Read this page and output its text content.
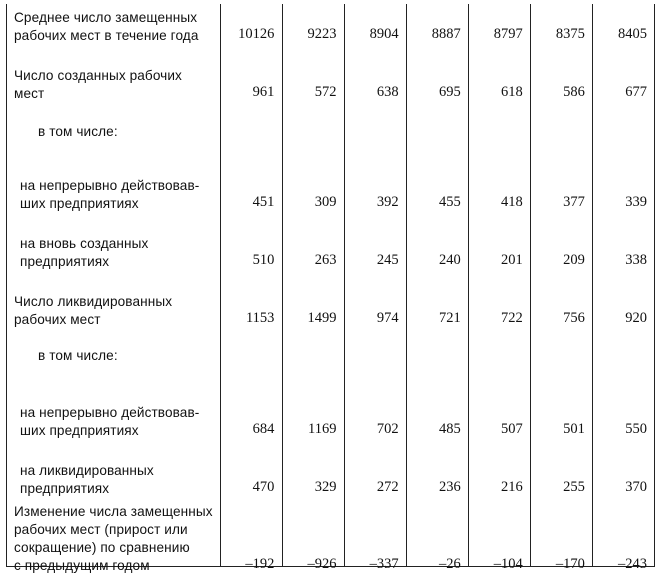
Среднее число замещенных
рабочих мест в течение года	10126	9223	8904	8887	8797	8375	8405
Число созданных рабочих
мест	961	572	638	695	618	586	677
в том числе:							
на непрерывно действовав-
ших предприятиях	451	309	392	455	418	377	339
на вновь созданных
предприятиях	510	263	245	240	201	209	338
Число ликвидированных
рабочих мест	1153	1499	974	721	722	756	920
в том числе:							
на непрерывно действовав-
ших предприятиях	684	1169	702	485	507	501	550
на ликвидированных
предприятиях	470	329	272	236	216	255	370
Изменение числа замещенных
рабочих мест (прирост или
сокращение) по сравнению
с предыдущим годом	–192	–926	–337	–26	–104	–170	–243
